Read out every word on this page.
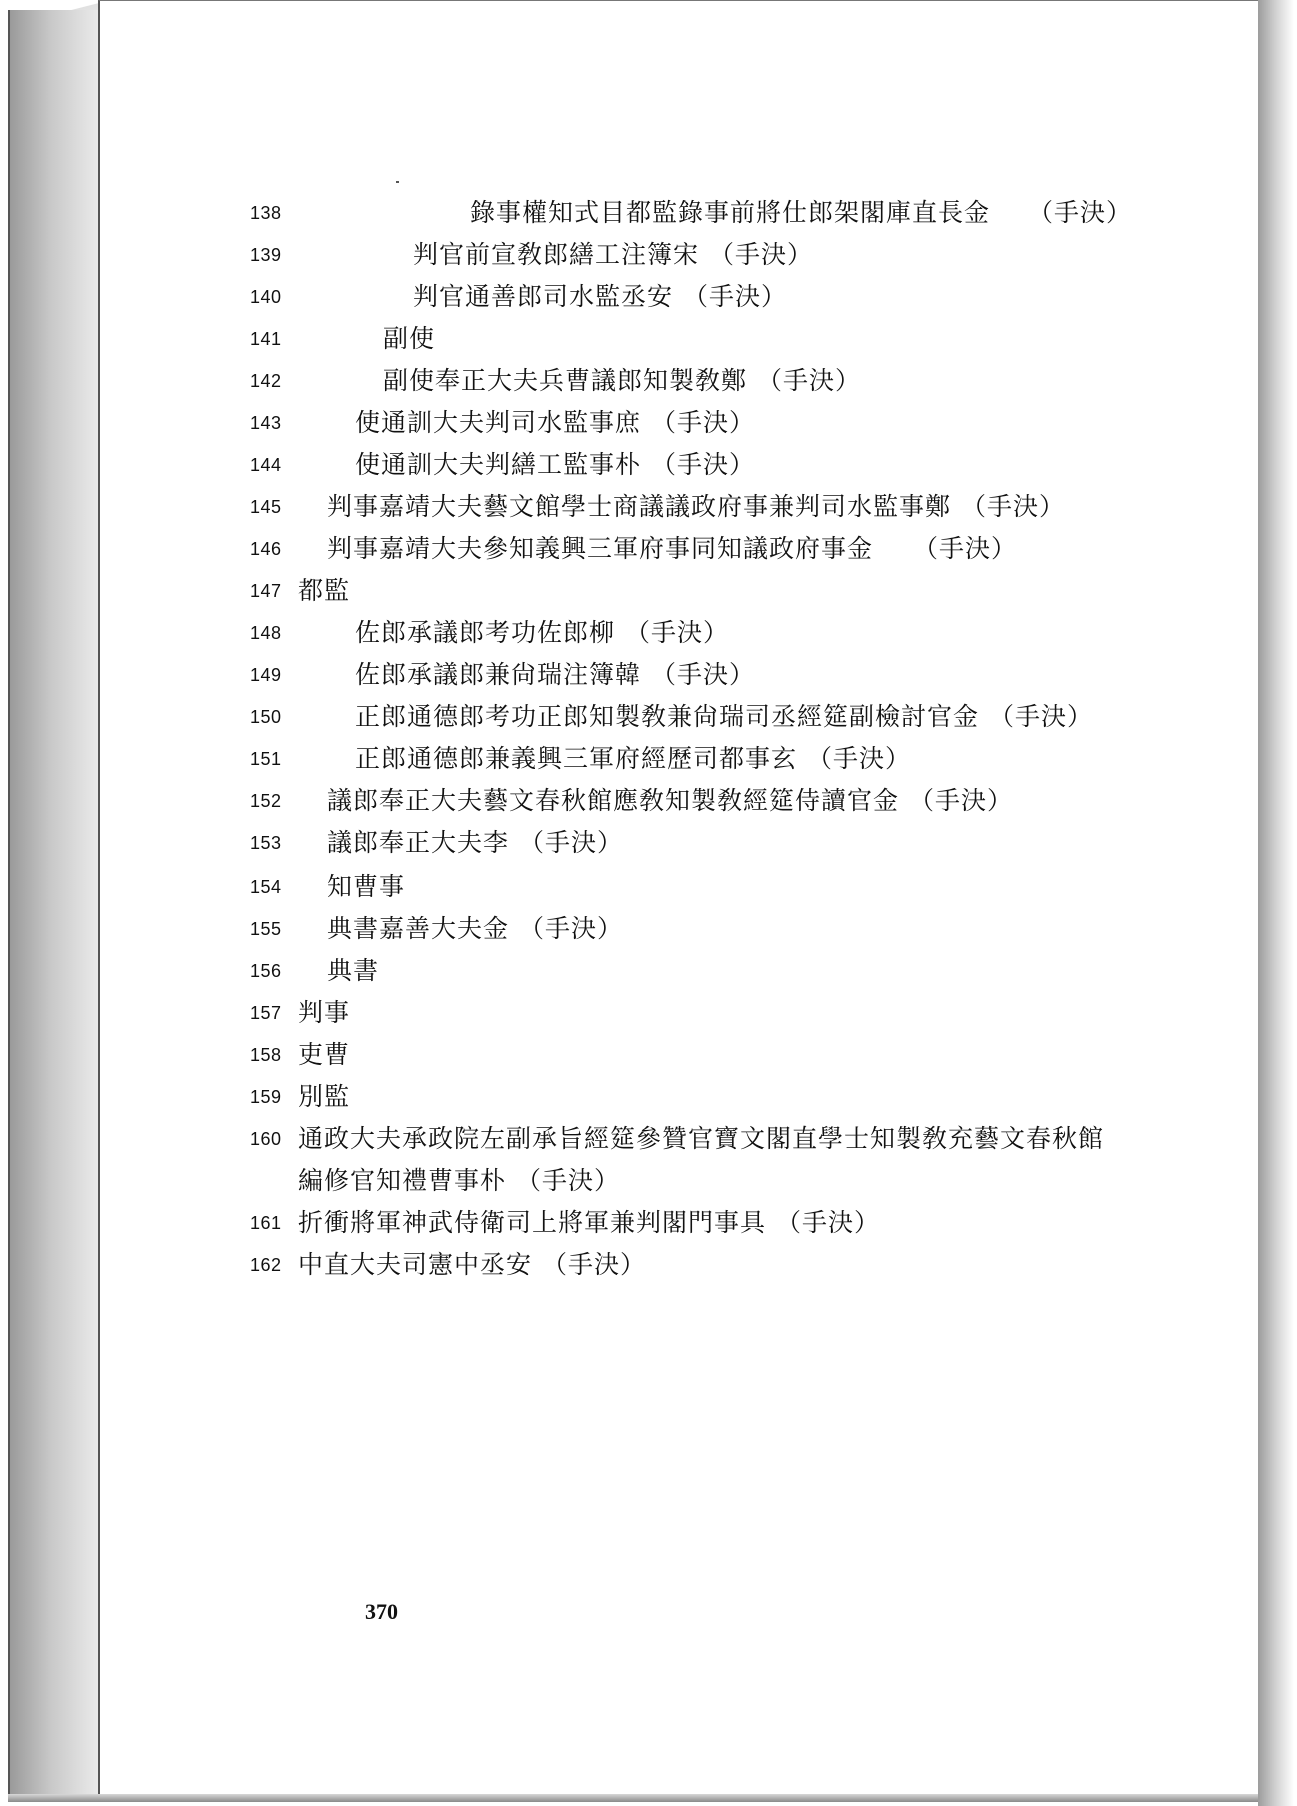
138	錄事權知式目都監錄事前將仕郎架閣庫直長金 （手決）
139	判官前宣敎郎繕工注簿宋 （手決）
140	判官通善郎司水監丞安 （手決）
141	副使
142	副使奉正大夫兵曹議郎知製敎鄭 （手決）
143	使通訓大夫判司水監事庶 （手決）
144	使通訓大夫判繕工監事朴 （手決）
145 判事嘉靖大夫藝文館學士商議議政府事兼判司水監事鄭 （手決）
146 判事嘉靖大夫參知義興三軍府事同知議政府事金 （手決）
147 都監
148	佐郎承議郎考功佐郎柳 （手決）
149	佐郎承議郎兼尙瑞注簿韓 （手決）
150	正郎通德郎考功正郎知製敎兼尙瑞司丞經筵副檢討官金 （手決）
151	正郎通德郎兼義興三軍府經歷司都事玄 （手決）
152 議郎奉正大夫藝文春秋館應敎知製敎經筵侍讀官金 （手決）
153 議郎奉正大夫李 （手決）
154 知曹事
155 典書嘉善大夫金 （手決）
156 典書
157 判事
158 吏曹
159 別監
160 通政大夫承政院左副承旨經筵參贊官寶文閣直學士知製敎充藝文春秋館
編修官知禮曹事朴 （手決）
161 折衝將軍神武侍衛司上將軍兼判閣門事具 （手決）
162 中直大夫司憲中丞安 （手決）
370
